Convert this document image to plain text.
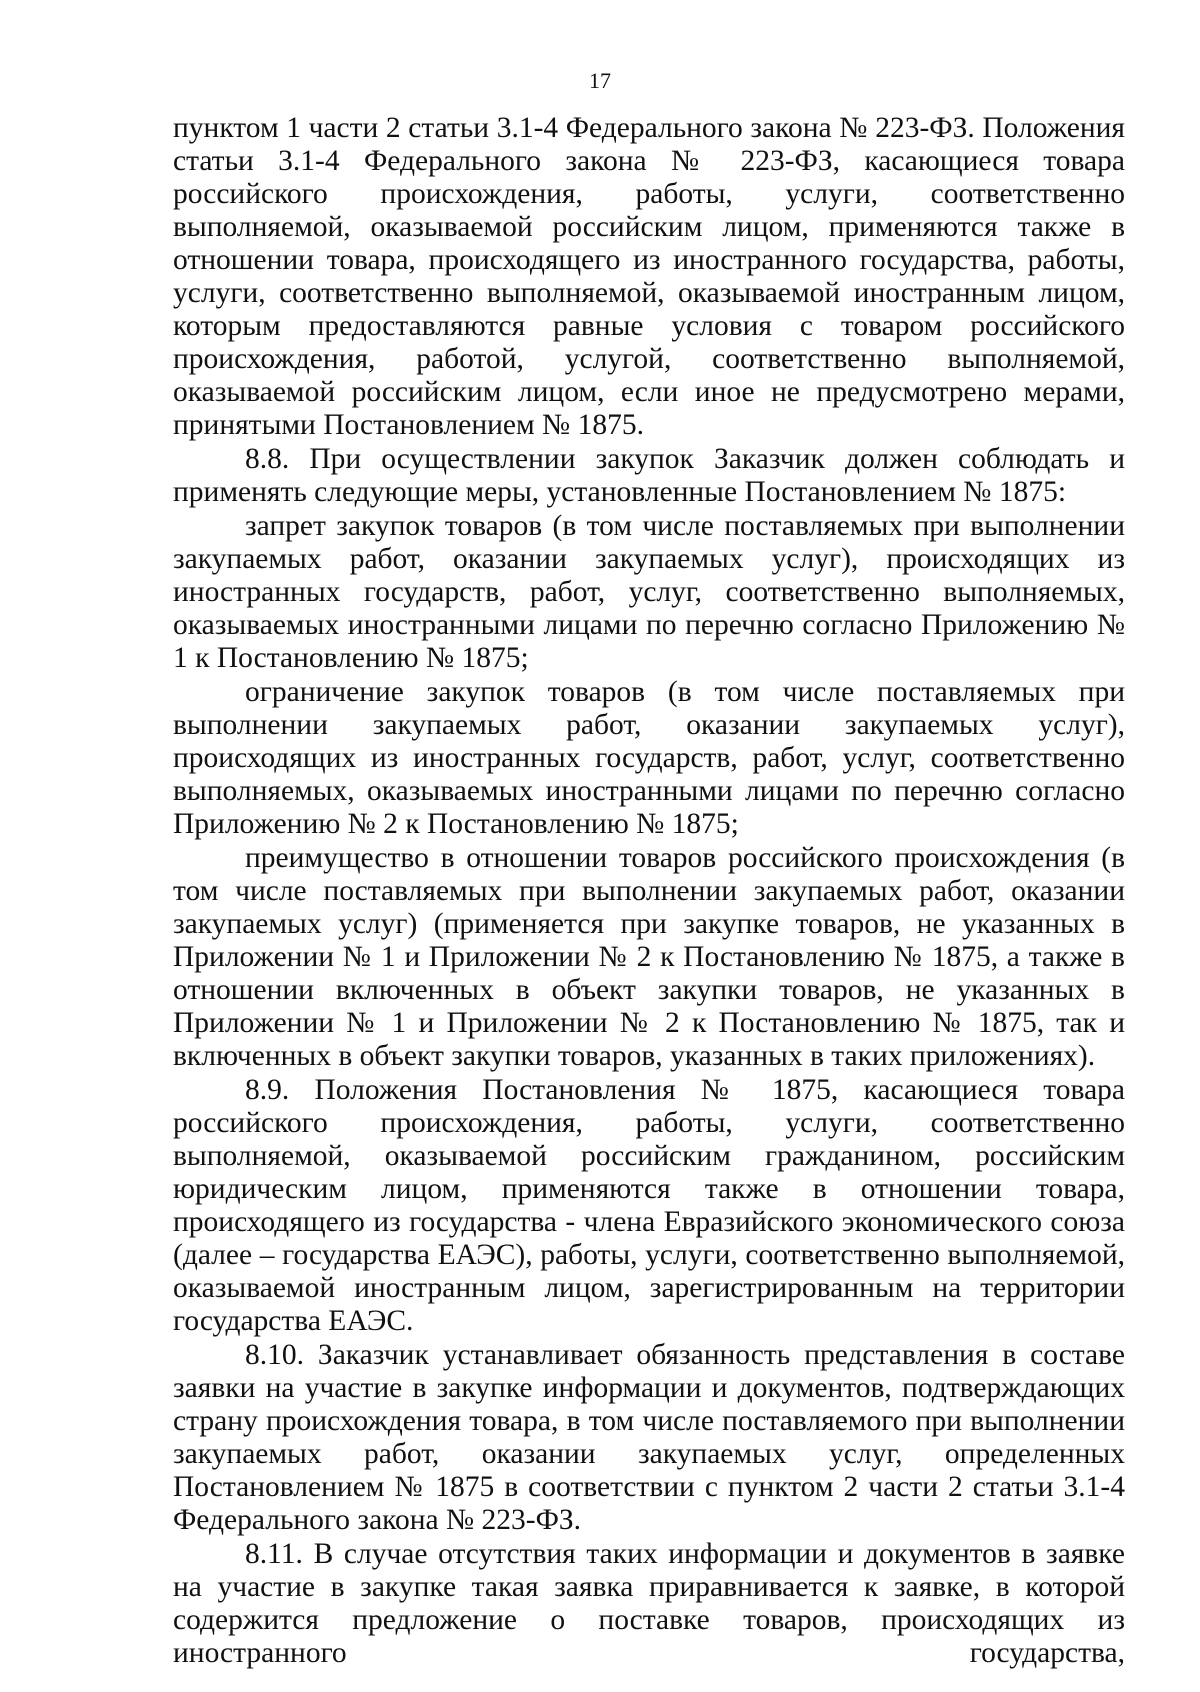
17

пунктом 1 части 2 статьи 3.1-4 Федерального закона № 223-ФЗ. Положения статьи 3.1-4 Федерального закона № 223-ФЗ, касающиеся товара российского происхождения, работы, услуги, соответственно выполняемой, оказываемой российским лицом, применяются также в отношении товара, происходящего из иностранного государства, работы, услуги, соответственно выполняемой, оказываемой иностранным лицом, которым предоставляются равные условия с товаром российского происхождения, работой, услугой, соответственно выполняемой, оказываемой российским лицом, если иное не предусмотрено мерами, принятыми Постановлением № 1875.

8.8. При осуществлении закупок Заказчик должен соблюдать и применять следующие меры, установленные Постановлением № 1875:

запрет закупок товаров (в том числе поставляемых при выполнении закупаемых работ, оказании закупаемых услуг), происходящих из иностранных государств, работ, услуг, соответственно выполняемых, оказываемых иностранными лицами по перечню согласно Приложению № 1 к Постановлению № 1875;

ограничение закупок товаров (в том числе поставляемых при выполнении закупаемых работ, оказании закупаемых услуг), происходящих из иностранных государств, работ, услуг, соответственно выполняемых, оказываемых иностранными лицами по перечню согласно Приложению № 2 к Постановлению № 1875;

преимущество в отношении товаров российского происхождения (в том числе поставляемых при выполнении закупаемых работ, оказании закупаемых услуг) (применяется при закупке товаров, не указанных в Приложении № 1 и Приложении № 2 к Постановлению № 1875, а также в отношении включенных в объект закупки товаров, не указанных в Приложении № 1 и Приложении № 2 к Постановлению № 1875, так и включенных в объект закупки товаров, указанных в таких приложениях).

8.9. Положения Постановления № 1875, касающиеся товара российского происхождения, работы, услуги, соответственно выполняемой, оказываемой российским гражданином, российским юридическим лицом, применяются также в отношении товара, происходящего из государства - члена Евразийского экономического союза (далее – государства ЕАЭС), работы, услуги, соответственно выполняемой, оказываемой иностранным лицом, зарегистрированным на территории государства ЕАЭС.

8.10. Заказчик устанавливает обязанность представления в составе заявки на участие в закупке информации и документов, подтверждающих страну происхождения товара, в том числе поставляемого при выполнении закупаемых работ, оказании закупаемых услуг, определенных Постановлением № 1875 в соответствии с пунктом 2 части 2 статьи 3.1-4 Федерального закона № 223-ФЗ.

8.11. В случае отсутствия таких информации и документов в заявке на участие в закупке такая заявка приравнивается к заявке, в которой содержится предложение о поставке товаров, происходящих из иностранного государства,
